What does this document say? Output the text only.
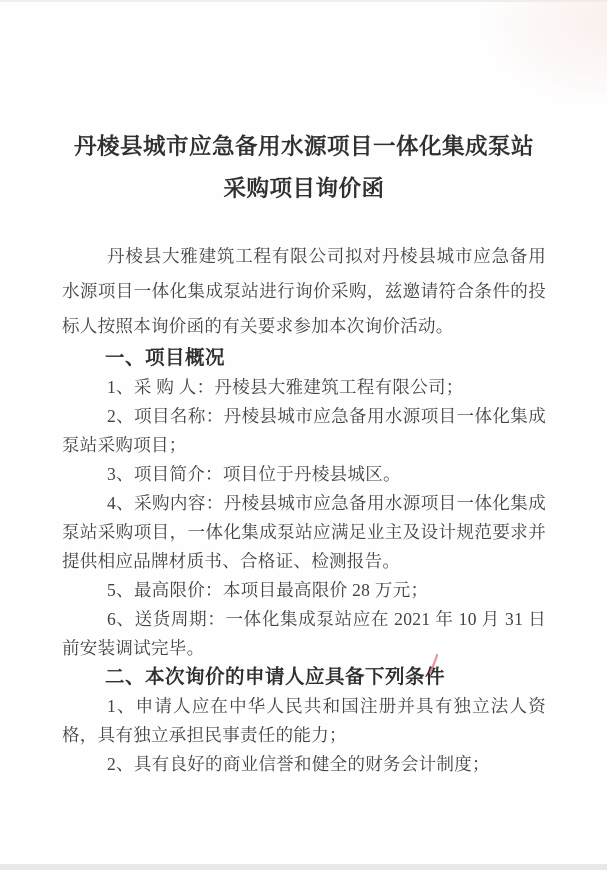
丹棱县城市应急备用水源项目一体化集成泵站
采购项目询价函

丹棱县大雅建筑工程有限公司拟对丹棱县城市应急备用水源项目一体化集成泵站进行询价采购，兹邀请符合条件的投标人按照本询价函的有关要求参加本次询价活动。

一、项目概况

1、采 购 人：丹棱县大雅建筑工程有限公司；

2、项目名称：丹棱县城市应急备用水源项目一体化集成泵站采购项目；

3、项目简介：项目位于丹棱县城区。

4、采购内容：丹棱县城市应急备用水源项目一体化集成泵站采购项目，一体化集成泵站应满足业主及设计规范要求并提供相应品牌材质书、合格证、检测报告。

5、最高限价：本项目最高限价 28 万元；

6、送货周期：一体化集成泵站应在 2021 年 10 月 31 日前安装调试完毕。

二、本次询价的申请人应具备下列条件

1、申请人应在中华人民共和国注册并具有独立法人资格，具有独立承担民事责任的能力；

2、具有良好的商业信誉和健全的财务会计制度；
